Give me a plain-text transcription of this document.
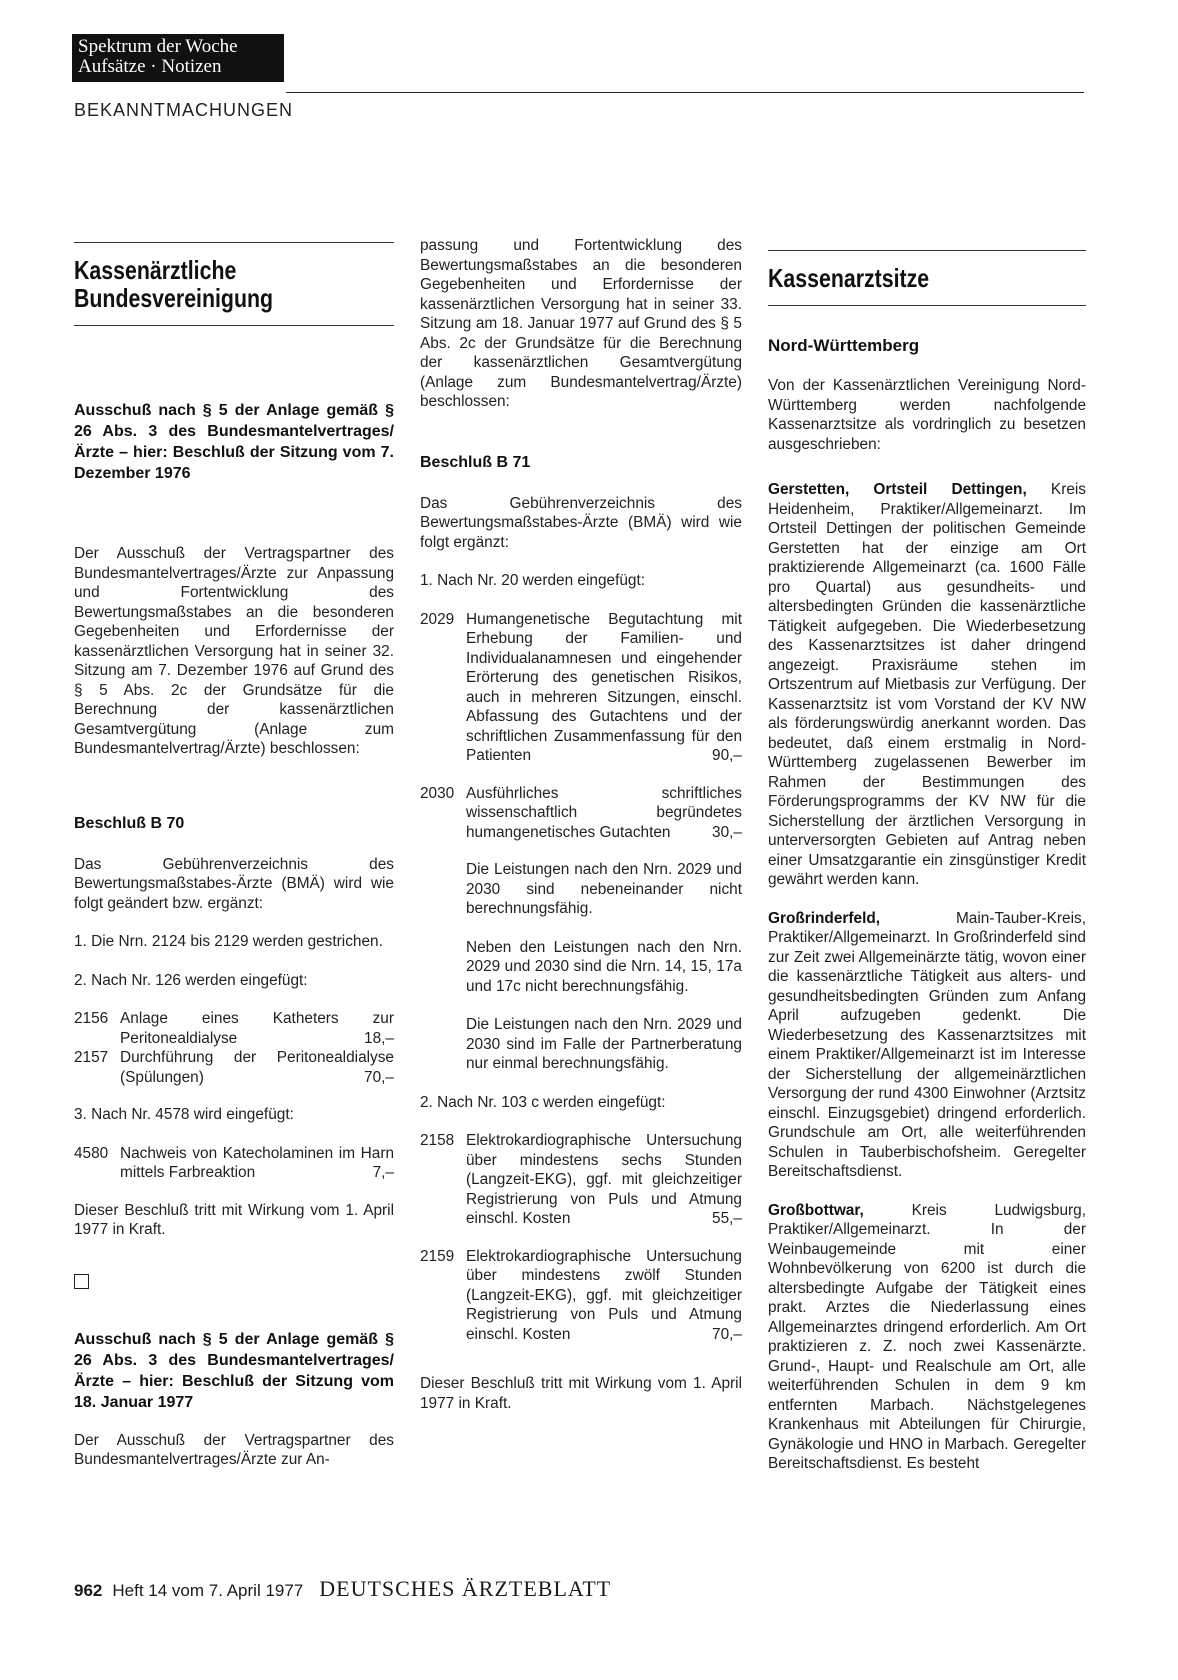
Spektrum der Woche
Aufsätze · Notizen
BEKANNTMACHUNGEN
Kassenärztliche
Bundesvereinigung

Ausschuß nach § 5 der Anlage gemäß § 26 Abs. 3 des Bundesmantelvertrages/Ärzte – hier: Beschluß der Sitzung vom 7. Dezember 1976

Der Ausschuß der Vertragspartner des Bundesmantelvertrages/Ärzte zur Anpassung und Fortentwicklung des Bewertungsmaßstabes an die besonderen Gegebenheiten und Erfordernisse der kassenärztlichen Versorgung hat in seiner 32. Sitzung am 7. Dezember 1976 auf Grund des § 5 Abs. 2c der Grundsätze für die Berechnung der kassenärztlichen Gesamtvergütung (Anlage zum Bundesmantelvertrag/Ärzte) beschlossen:

Beschluß B 70

Das Gebührenverzeichnis des Bewertungsmaßstabes-Ärzte (BMÄ) wird wie folgt geändert bzw. ergänzt:

1. Die Nrn. 2124 bis 2129 werden gestrichen.

2. Nach Nr. 126 werden eingefügt:

2156 Anlage eines Katheters zur Peritonealdialyse	18,–
2157 Durchführung der Peritonealdialyse (Spülungen)	70,–

3. Nach Nr. 4578 wird eingefügt:

4580 Nachweis von Katecholaminen im Harn mittels Farbreaktion	7,–

Dieser Beschluß tritt mit Wirkung vom 1. April 1977 in Kraft.

Ausschuß nach § 5 der Anlage gemäß § 26 Abs. 3 des Bundesmantelvertrages/Ärzte – hier: Beschluß der Sitzung vom 18. Januar 1977

Der Ausschuß der Vertragspartner des Bundesmantelvertrages/Ärzte zur An-

passung und Fortentwicklung des Bewertungsmaßstabes an die besonderen Gegebenheiten und Erfordernisse der kassenärztlichen Versorgung hat in seiner 33. Sitzung am 18. Januar 1977 auf Grund des § 5 Abs. 2c der Grundsätze für die Berechnung der kassenärztlichen Gesamtvergütung (Anlage zum Bundesmantelvertrag/Ärzte) beschlossen:

Beschluß B 71

Das Gebührenverzeichnis des Bewertungsmaßstabes-Ärzte (BMÄ) wird wie folgt ergänzt:

1. Nach Nr. 20 werden eingefügt:

2029 Humangenetische Begutachtung mit Erhebung der Familien- und Individualanamnesen und eingehender Erörterung des genetischen Risikos, auch in mehreren Sitzungen, einschl. Abfassung des Gutachtens und der schriftlichen Zusammenfassung für den Patienten	90,–
2030 Ausführliches schriftliches wissenschaftlich begründetes humangenetisches Gutachten	30,–

Die Leistungen nach den Nrn. 2029 und 2030 sind nebeneinander nicht berechnungsfähig.

Neben den Leistungen nach den Nrn. 2029 und 2030 sind die Nrn. 14, 15, 17a und 17c nicht berechnungsfähig.

Die Leistungen nach den Nrn. 2029 und 2030 sind im Falle der Partnerberatung nur einmal berechnungsfähig.

2. Nach Nr. 103 c werden eingefügt:

2158 Elektrokardiographische Untersuchung über mindestens sechs Stunden (Langzeit-EKG), ggf. mit gleichzeitiger Registrierung von Puls und Atmung einschl. Kosten	55,–
2159 Elektrokardiographische Untersuchung über mindestens zwölf Stunden (Langzeit-EKG), ggf. mit gleichzeitiger Registrierung von Puls und Atmung einschl. Kosten	70,–

Dieser Beschluß tritt mit Wirkung vom 1. April 1977 in Kraft.

Kassenarztsitze
Nord-Württemberg

Von der Kassenärztlichen Vereinigung Nord-Württemberg werden nachfolgende Kassenarztsitze als vordringlich zu besetzen ausgeschrieben:

Gerstetten, Ortsteil Dettingen, Kreis Heidenheim, Praktiker/Allgemeinarzt. Im Ortsteil Dettingen der politischen Gemeinde Gerstetten hat der einzige am Ort praktizierende Allgemeinarzt (ca. 1600 Fälle pro Quartal) aus gesundheits- und altersbedingten Gründen die kassenärztliche Tätigkeit aufgegeben. Die Wiederbesetzung des Kassenarztsitzes ist daher dringend angezeigt. Praxisräume stehen im Ortszentrum auf Mietbasis zur Verfügung. Der Kassenarztsitz ist vom Vorstand der KV NW als förderungswürdig anerkannt worden. Das bedeutet, daß einem erstmalig in Nord-Württemberg zugelassenen Bewerber im Rahmen der Bestimmungen des Förderungsprogramms der KV NW für die Sicherstellung der ärztlichen Versorgung in unterversorgten Gebieten auf Antrag neben einer Umsatzgarantie ein zinsgünstiger Kredit gewährt werden kann.

Großrinderfeld, Main-Tauber-Kreis, Praktiker/Allgemeinarzt. In Großrinderfeld sind zur Zeit zwei Allgemeinärzte tätig, wovon einer die kassenärztliche Tätigkeit aus alters- und gesundheitsbedingten Gründen zum Anfang April aufzugeben gedenkt. Die Wiederbesetzung des Kassenarztsitzes mit einem Praktiker/Allgemeinarzt ist im Interesse der Sicherstellung der allgemeinärztlichen Versorgung der rund 4300 Einwohner (Arztsitz einschl. Einzugsgebiet) dringend erforderlich. Grundschule am Ort, alle weiterführenden Schulen in Tauberbischofsheim. Geregelter Bereitschaftsdienst.

Großbottwar, Kreis Ludwigsburg, Praktiker/Allgemeinarzt. In der Weinbaugemeinde mit einer Wohnbevölkerung von 6200 ist durch die altersbedingte Aufgabe der Tätigkeit eines prakt. Arztes die Niederlassung eines Allgemeinarztes dringend erforderlich. Am Ort praktizieren z. Z. noch zwei Kassenärzte. Grund-, Haupt- und Realschule am Ort, alle weiterführenden Schulen in dem 9 km entfernten Marbach. Nächstgelegenes Krankenhaus mit Abteilungen für Chirurgie, Gynäkologie und HNO in Marbach. Geregelter Bereitschaftsdienst. Es besteht

962 Heft 14 vom 7. April 1977 DEUTSCHES ÄRZTEBLATT
